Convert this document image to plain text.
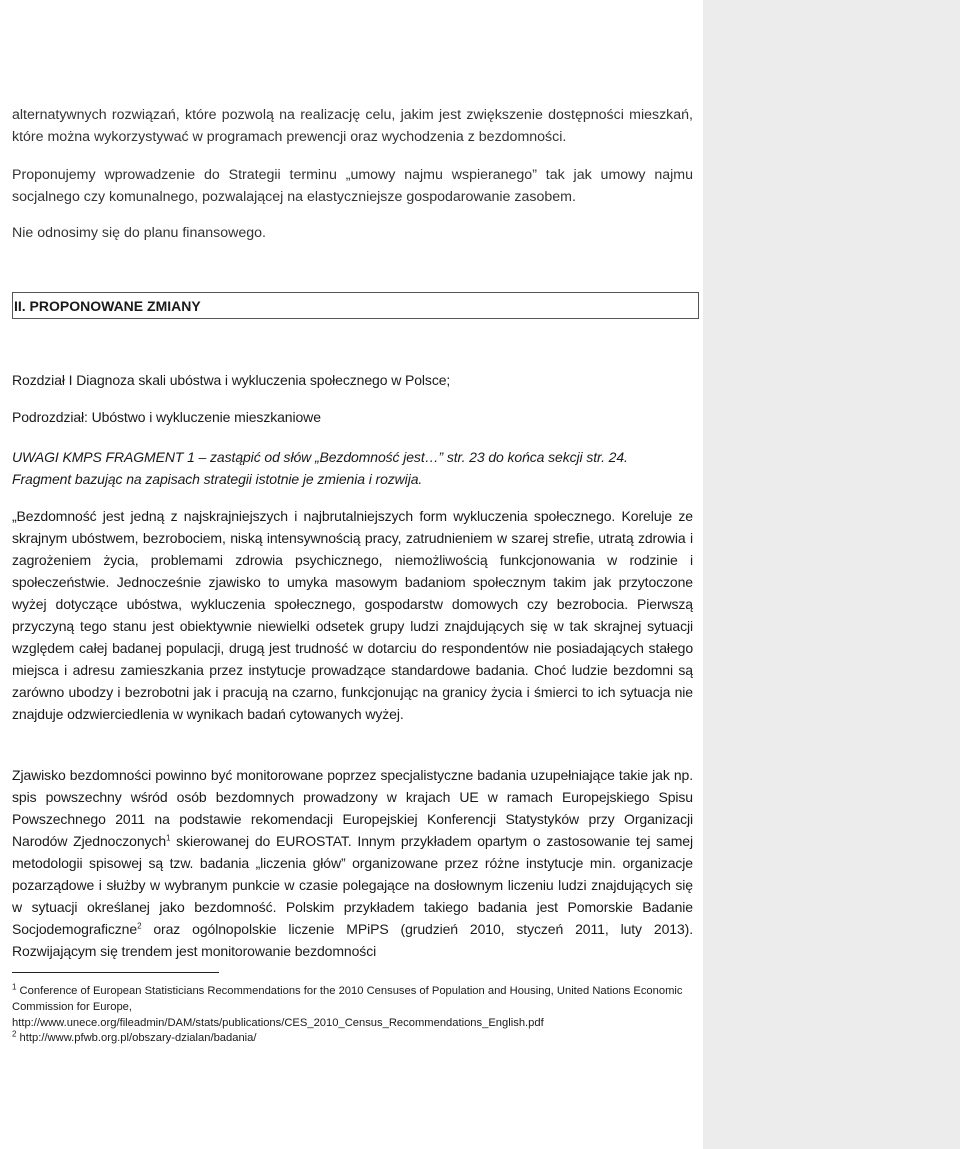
alternatywnych rozwiązań, które pozwolą na realizację celu, jakim jest zwiększenie dostępności mieszkań, które można wykorzystywać w programach prewencji oraz wychodzenia z bezdomności.

Proponujemy wprowadzenie do Strategii terminu „umowy najmu wspieranego” tak jak umowy najmu socjalnego czy komunalnego, pozwalającej na elastyczniejsze gospodarowanie zasobem.

Nie odnosimy się do planu finansowego.

II. PROPONOWANE ZMIANY

Rozdział I Diagnoza skali ubóstwa i wykluczenia społecznego w Polsce;

Podrozdział: Ubóstwo i wykluczenie mieszkaniowe

UWAGI KMPS FRAGMENT 1 – zastąpić od słów „Bezdomność jest…” str. 23 do końca sekcji str. 24.

Fragment bazując na zapisach strategii istotnie je zmienia i rozwija.

„Bezdomność jest jedną z najskrajniejszych i najbrutalniejszych form wykluczenia społecznego. Koreluje ze skrajnym ubóstwem, bezrobociem, niską intensywnością pracy, zatrudnieniem w szarej strefie, utratą zdrowia i zagrożeniem życia, problemami zdrowia psychicznego, niemożliwością funkcjonowania w rodzinie i społeczeństwie. Jednocześnie zjawisko to umyka masowym badaniom społecznym takim jak przytoczone wyżej dotyczące ubóstwa, wykluczenia społecznego, gospodarstw domowych czy bezrobocia. Pierwszą przyczyną tego stanu jest obiektywnie niewielki odsetek grupy ludzi znajdujących się w tak skrajnej sytuacji względem całej badanej populacji, drugą jest trudność w dotarciu do respondentów nie posiadających stałego miejsca i adresu zamieszkania przez instytucje prowadzące standardowe badania. Choć ludzie bezdomni są zarówno ubodzy i bezrobotni jak i pracują na czarno, funkcjonując na granicy życia i śmierci to ich sytuacja nie znajduje odzwierciedlenia w wynikach badań cytowanych wyżej.

Zjawisko bezdomności powinno być monitorowane poprzez specjalistyczne badania uzupełniające takie jak np. spis powszechny wśród osób bezdomnych prowadzony w krajach UE w ramach Europejskiego Spisu Powszechnego 2011 na podstawie rekomendacji Europejskiej Konferencji Statystyków przy Organizacji Narodów Zjednoczonych$^1$ skierowanej do EUROSTAT. Innym przykładem opartym o zastosowanie tej samej metodologii spisowej są tzw. badania „liczenia głów” organizowane przez różne instytucje min. organizacje pozarządowe i służby w wybranym punkcie w czasie polegające na dosłownym liczeniu ludzi znajdujących się w sytuacji określanej jako bezdomność. Polskim przykładem takiego badania jest Pomorskie Badanie Socjodemograficzne$^2$ oraz ogólnopolskie liczenie MPiPS (grudzień 2010, styczeń 2011, luty 2013). Rozwijającym się trendem jest monitorowanie bezdomności

$^1$ Conference of European Statisticians Recommendations for the 2010 Censuses of Population and Housing, United Nations Economic Commission for Europe,
http://www.unece.org/fileadmin/DAM/stats/publications/CES_2010_Census_Recommendations_English.pdf

$^2$ http://www.pfwb.org.pl/obszary-dzialan/badania/
